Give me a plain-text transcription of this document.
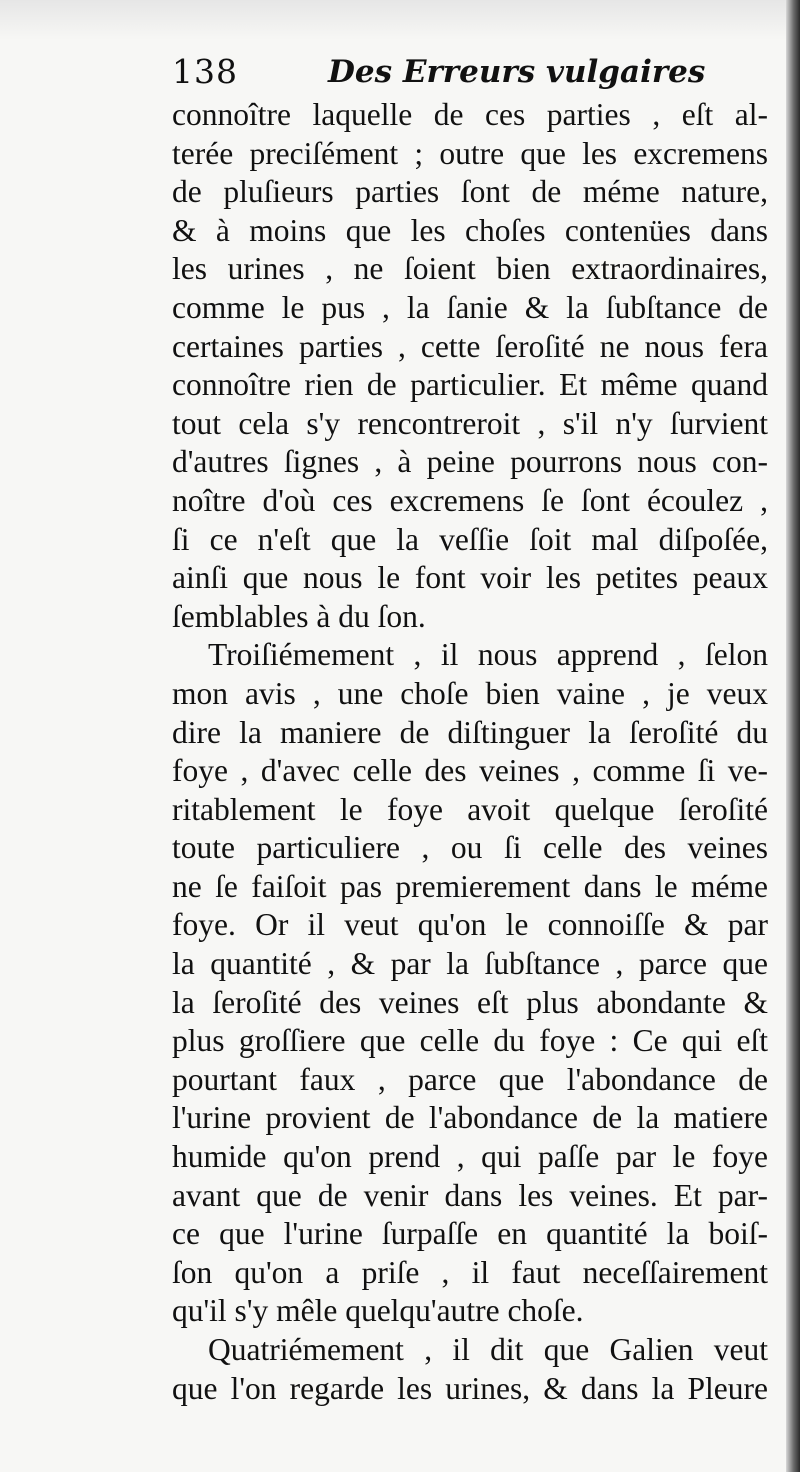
138	Des Erreurs vulgaires
connoître laquelle de ces parties , eſt al-
terée preciſément ; outre que les excremens
de pluſieurs parties ſont de méme nature,
& à moins que les choſes contenües dans
les urines , ne ſoient bien extraordinaires,
comme le pus , la ſanie & la ſubſtance de
certaines parties , cette ſeroſité ne nous fera
connoître rien de particulier. Et même quand
tout cela s'y rencontreroit , s'il n'y ſurvient
d'autres ſignes , à peine pourrons nous con-
noître d'où ces excremens ſe ſont écoulez ,
ſi ce n'eſt que la veſſie ſoit mal diſpoſée,
ainſi que nous le font voir les petites peaux
ſemblables à du ſon.
Troiſiémement , il nous apprend , ſelon
mon avis , une choſe bien vaine , je veux
dire la maniere de diſtinguer la ſeroſité du
foye , d'avec celle des veines , comme ſi ve-
ritablement le foye avoit quelque ſeroſité
toute particuliere , ou ſi celle des veines
ne ſe faiſoit pas premierement dans le méme
foye. Or il veut qu'on le connoiſſe & par
la quantité , & par la ſubſtance , parce que
la ſeroſité des veines eſt plus abondante &
plus groſſiere que celle du foye : Ce qui eſt
pourtant faux , parce que l'abondance de
l'urine provient de l'abondance de la matiere
humide qu'on prend , qui paſſe par le foye
avant que de venir dans les veines. Et par-
ce que l'urine ſurpaſſe en quantité la boiſ-
ſon qu'on a priſe , il faut neceſſairement
qu'il s'y mêle quelqu'autre choſe.
Quatriémement , il dit que Galien veut
que l'on regarde les urines, & dans la Pleure
